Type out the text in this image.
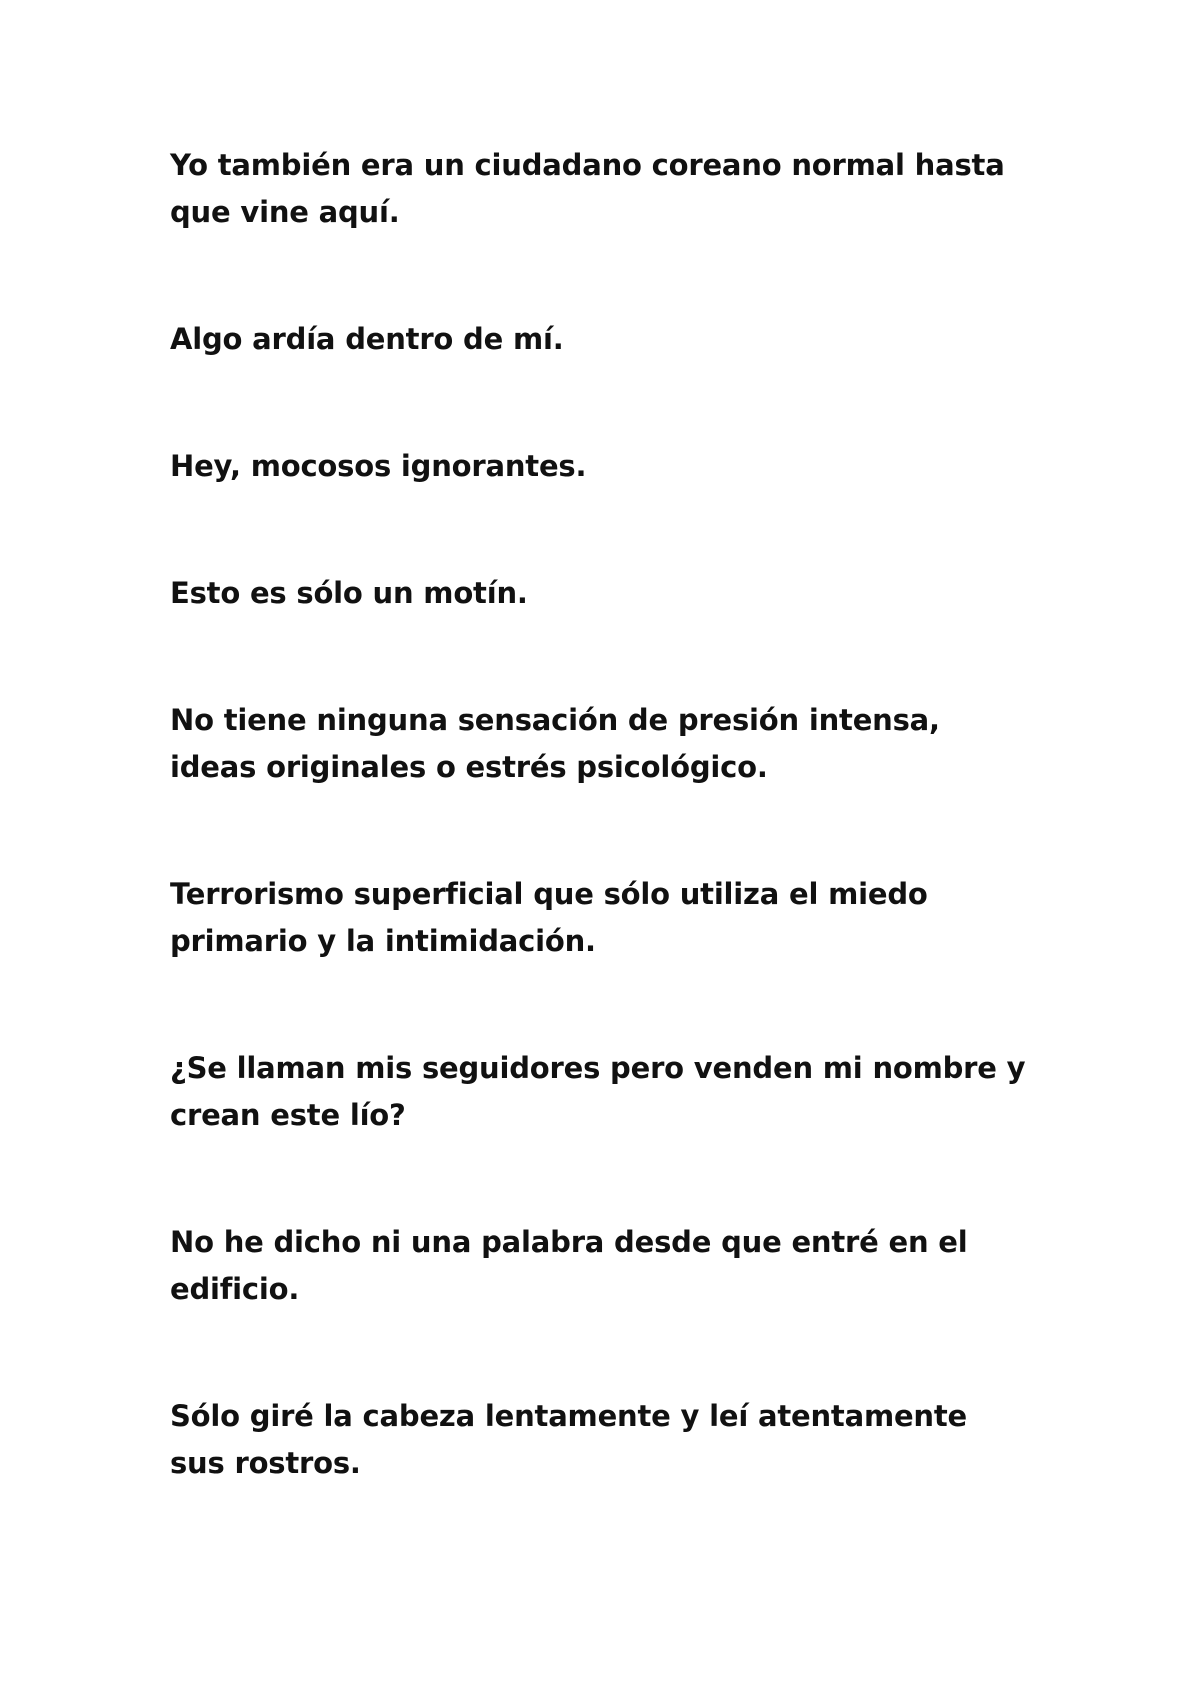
Yo también era un ciudadano coreano normal hasta que vine aquí.

Algo ardía dentro de mí.

Hey, mocosos ignorantes.

Esto es sólo un motín.

No tiene ninguna sensación de presión intensa, ideas originales o estrés psicológico.

Terrorismo superficial que sólo utiliza el miedo primario y la intimidación.

¿Se llaman mis seguidores pero venden mi nombre y crean este lío?

No he dicho ni una palabra desde que entré en el edificio.

Sólo giré la cabeza lentamente y leí atentamente sus rostros.
